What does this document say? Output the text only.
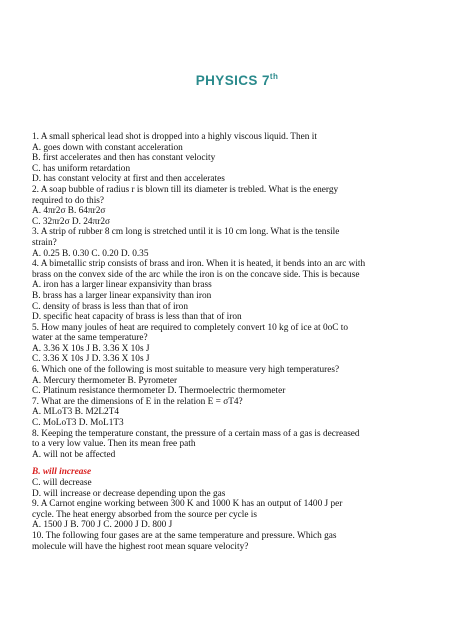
PHYSICS 7th
1. A small spherical lead shot is dropped into a highly viscous liquid. Then it
A. goes down with constant acceleration
B. first accelerates and then has constant velocity
C. has uniform retardation
D. has constant velocity at first and then accelerates
2. A soap bubble of radius r is blown till its diameter is trebled. What is the energy
required to do this?
A. 4πr2σ B. 64πr2σ
C. 32πr2σ D. 24πr2σ
3. A strip of rubber 8 cm long is stretched until it is 10 cm long. What is the tensile
strain?
A. 0.25 B. 0.30 C. 0.20 D. 0.35
4. A bimetallic strip consists of brass and iron. When it is heated, it bends into an arc with
brass on the convex side of the arc while the iron is on the concave side. This is because
A. iron has a larger linear expansivity than brass
B. brass has a larger linear expansivity than iron
C. density of brass is less than that of iron
D. specific heat capacity of brass is less than that of iron
5. How many joules of heat are required to completely convert 10 kg of ice at 0oC to
water at the same temperature?
A. 3.36 X 10s J B. 3.36 X 10s J
C. 3.36 X 10s J D. 3.36 X 10s J
6. Which one of the following is most suitable to measure very high temperatures?
A. Mercury thermometer B. Pyrometer
C. Platinum resistance thermometer D. Thermoelectric thermometer
7. What are the dimensions of E in the relation E = σT4?
A. MLoT3 B. M2L2T4
C. MoLoT3 D. MoL1T3
8. Keeping the temperature constant, the pressure of a certain mass of a gas is decreased
to a very low value. Then its mean free path
A. will not be affected
B. will increase
C. will decrease
D. will increase or decrease depending upon the gas
9. A Carnot engine working between 300 K and 1000 K has an output of 1400 J per
cycle. The heat energy absorbed from the source per cycle is
A. 1500 J B. 700 J C. 2000 J D. 800 J
10. The following four gases are at the same temperature and pressure. Which gas
molecule will have the highest root mean square velocity?
